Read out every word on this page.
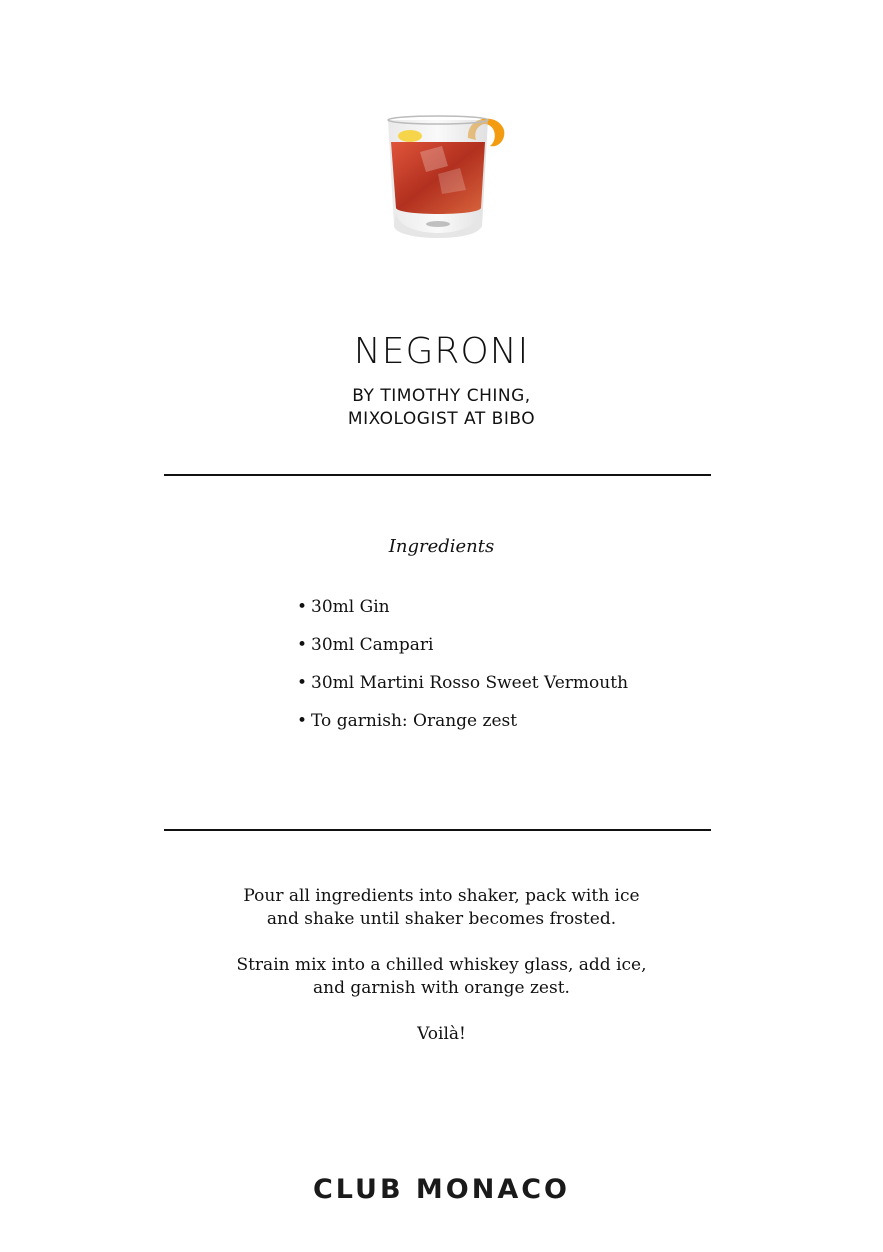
NEGRONI
BY TIMOTHY CHING,
MIXOLOGIST AT BIBO
Ingredients
• 30ml Gin
• 30ml Campari
• 30ml Martini Rosso Sweet Vermouth
• To garnish: Orange zest

Pour all ingredients into shaker, pack with ice
and shake until shaker becomes frosted.

Strain mix into a chilled whiskey glass, add ice,
and garnish with orange zest.

Voilà!

CLUB MONACO
